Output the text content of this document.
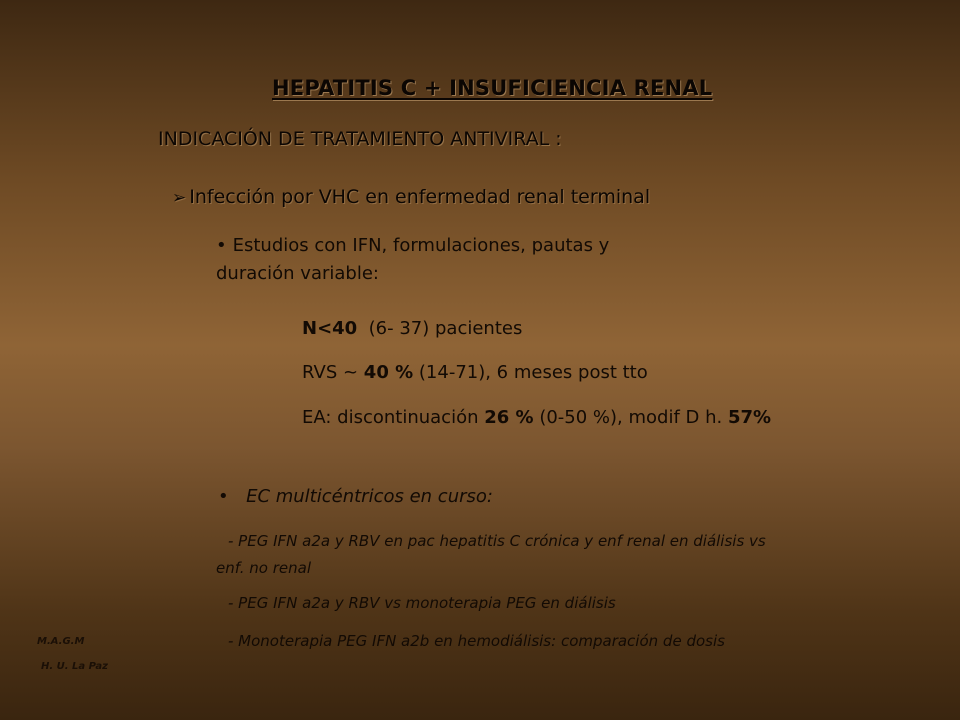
HEPATITIS C + INSUFICIENCIA RENAL
INDICACIÓN DE TRATAMIENTO ANTIVIRAL :
➢ Infección por VHC en enfermedad renal terminal
• Estudios con IFN, formulaciones, pautas y
duración variable:
N<40 (6- 37) pacientes
RVS ~ 40 % (14-71), 6 meses post tto
EA: discontinuación 26 % (0-50 %), modif D h. 57%
• EC multicéntricos en curso:
- PEG IFN a2a y RBV en pac hepatitis C crónica y enf renal en diálisis vs
enf. no renal
- PEG IFN a2a y RBV vs monoterapia PEG en diálisis
- Monoterapia PEG IFN a2b en hemodiálisis: comparación de dosis
M.A.G.M
H. U. La Paz
